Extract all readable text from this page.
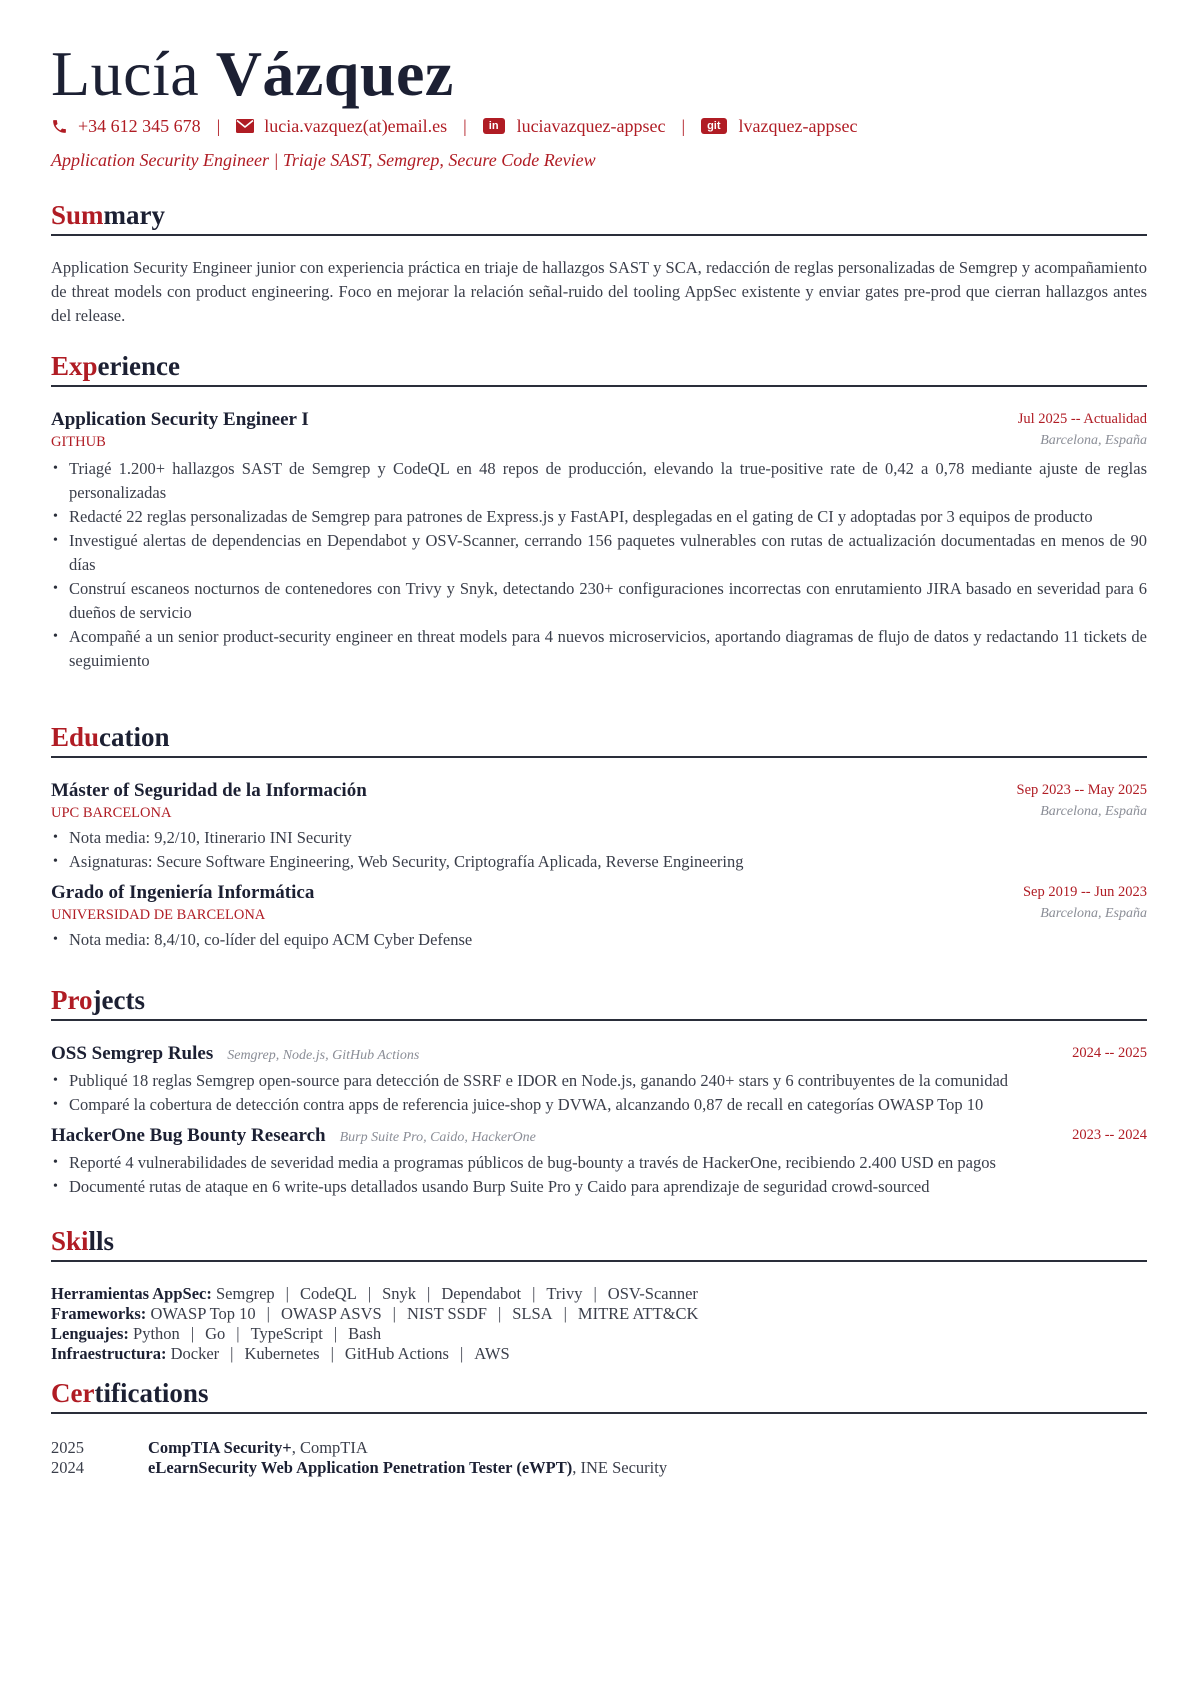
Lucía Vázquez
+34 612 345 678 | lucia.vazquez(at)email.es |	in	luciavazquez-appsec |	git	lvazquez-appsec
Application Security Engineer | Triaje SAST, Semgrep, Secure Code Review
Summary
Application Security Engineer junior con experiencia práctica en triaje de hallazgos SAST y SCA, redacción de reglas personalizadas de Semgrep y acompañamiento de threat models con product engineering. Foco en mejorar la relación señal-ruido del tooling AppSec existente y enviar gates pre-prod que cierran hallazgos antes del release.
Experience
Application Security Engineer I	Jul 2025 -- Actualidad
GITHUB	Barcelona, España
• Triagé 1.200+ hallazgos SAST de Semgrep y CodeQL en 48 repos de producción, elevando la true-positive rate de 0,42 a 0,78 mediante ajuste de reglas personalizadas
• Redacté 22 reglas personalizadas de Semgrep para patrones de Express.js y FastAPI, desplegadas en el gating de CI y adoptadas por 3 equipos de producto
• Investigué alertas de dependencias en Dependabot y OSV-Scanner, cerrando 156 paquetes vulnerables con rutas de actualización documentadas en menos de 90 días
• Construí escaneos nocturnos de contenedores con Trivy y Snyk, detectando 230+ configuraciones incorrectas con enrutamiento JIRA basado en severidad para 6 dueños de servicio
• Acompañé a un senior product-security engineer en threat models para 4 nuevos microservicios, aportando diagramas de flujo de datos y redactando 11 tickets de seguimiento
Education
Máster of Seguridad de la Información	Sep 2023 -- May 2025
UPC BARCELONA	Barcelona, España
• Nota media: 9,2/10, Itinerario INI Security
• Asignaturas: Secure Software Engineering, Web Security, Criptografía Aplicada, Reverse Engineering
Grado of Ingeniería Informática	Sep 2019 -- Jun 2023
UNIVERSIDAD DE BARCELONA	Barcelona, España
• Nota media: 8,4/10, co-líder del equipo ACM Cyber Defense
Projects
OSS Semgrep Rules Semgrep, Node.js, GitHub Actions	2024 -- 2025
• Publiqué 18 reglas Semgrep open-source para detección de SSRF e IDOR en Node.js, ganando 240+ stars y 6 contribuyentes de la comunidad
• Comparé la cobertura de detección contra apps de referencia juice-shop y DVWA, alcanzando 0,87 de recall en categorías OWASP Top 10
HackerOne Bug Bounty Research Burp Suite Pro, Caido, HackerOne	2023 -- 2024
• Reporté 4 vulnerabilidades de severidad media a programas públicos de bug-bounty a través de HackerOne, recibiendo 2.400 USD en pagos
• Documenté rutas de ataque en 6 write-ups detallados usando Burp Suite Pro y Caido para aprendizaje de seguridad crowd-sourced
Skills
Herramientas AppSec: Semgrep | CodeQL | Snyk | Dependabot | Trivy | OSV-Scanner
Frameworks: OWASP Top 10 | OWASP ASVS | NIST SSDF | SLSA | MITRE ATT&CK
Lenguajes: Python | Go | TypeScript | Bash
Infraestructura: Docker | Kubernetes | GitHub Actions | AWS
Certifications
2025	CompTIA Security+, CompTIA
2024	eLearnSecurity Web Application Penetration Tester (eWPT), INE Security
